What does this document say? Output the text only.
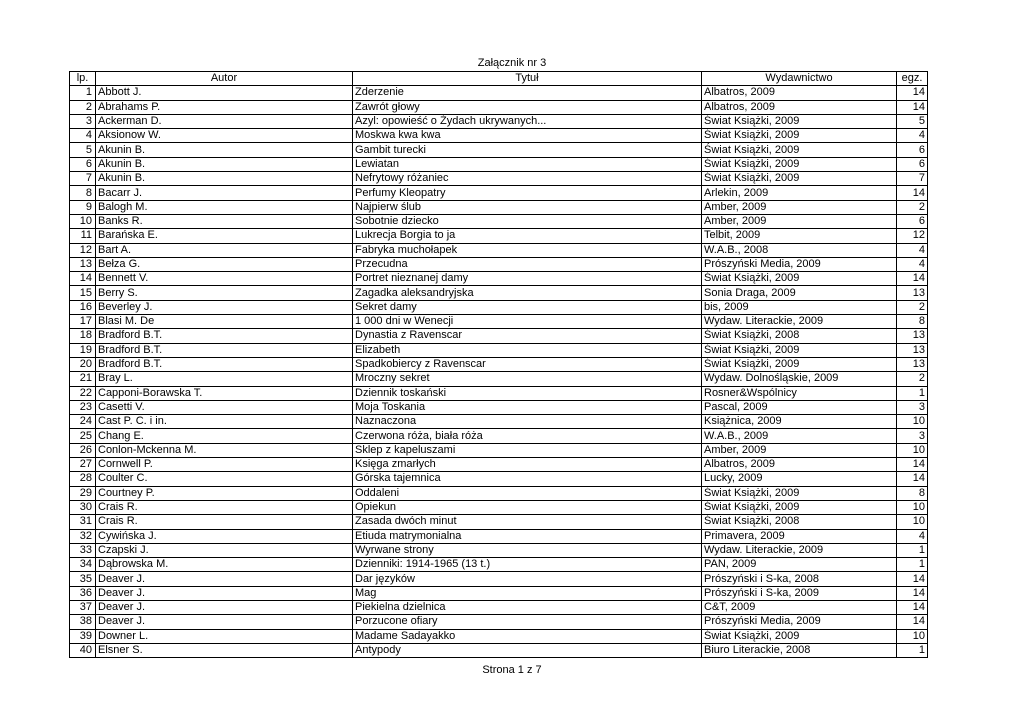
Załącznik nr 3
lp.	Autor	Tytuł	Wydawnictwo	egz.
1	Abbott J.	Zderzenie	Albatros, 2009	14
2	Abrahams P.	Zawrót głowy	Albatros, 2009	14
3	Ackerman D.	Azyl: opowieść o Żydach ukrywanych...	Świat Książki, 2009	5
4	Aksionow W.	Moskwa kwa kwa	Świat Książki, 2009	4
5	Akunin B.	Gambit turecki	Świat Książki, 2009	6
6	Akunin B.	Lewiatan	Świat Książki, 2009	6
7	Akunin B.	Nefrytowy różaniec	Świat Książki, 2009	7
8	Bacarr J.	Perfumy Kleopatry	Arlekin, 2009	14
9	Balogh M.	Najpierw ślub	Amber, 2009	2
10	Banks R.	Sobotnie dziecko	Amber, 2009	6
11	Barańska E.	Lukrecja Borgia to ja	Telbit, 2009	12
12	Bart A.	Fabryka muchołapek	W.A.B., 2008	4
13	Bełza G.	Przecudna	Prószyński Media, 2009	4
14	Bennett V.	Portret nieznanej damy	Świat Książki, 2009	14
15	Berry S.	Zagadka aleksandryjska	Sonia Draga, 2009	13
16	Beverley J.	Sekret damy	bis, 2009	2
17	Blasi M. De	1 000 dni w Wenecji	Wydaw. Literackie, 2009	8
18	Bradford B.T.	Dynastia z Ravenscar	Świat Książki, 2008	13
19	Bradford B.T.	Elizabeth	Świat Książki, 2009	13
20	Bradford B.T.	Spadkobiercy z Ravenscar	Świat Książki, 2009	13
21	Bray L.	Mroczny sekret	Wydaw. Dolnośląskie, 2009	2
22	Capponi-Borawska T.	Dziennik toskański	Rosner&Wspólnicy	1
23	Casetti V.	Moja Toskania	Pascal, 2009	3
24	Cast P. C. i in.	Naznaczona	Książnica, 2009	10
25	Chang E.	Czerwona róża, biała róża	W.A.B., 2009	3
26	Conlon-Mckenna M.	Sklep z kapeluszami	Amber, 2009	10
27	Cornwell P.	Księga zmarłych	Albatros, 2009	14
28	Coulter C.	Górska tajemnica	Lucky, 2009	14
29	Courtney P.	Oddaleni	Świat Książki, 2009	8
30	Crais R.	Opiekun	Świat Książki, 2009	10
31	Crais R.	Zasada dwóch minut	Świat Książki, 2008	10
32	Cywińska J.	Etiuda matrymonialna	Primavera, 2009	4
33	Czapski J.	Wyrwane strony	Wydaw. Literackie, 2009	1
34	Dąbrowska M.	Dzienniki: 1914-1965 (13 t.)	PAN, 2009	1
35	Deaver J.	Dar języków	Prószyński i S-ka, 2008	14
36	Deaver J.	Mag	Prószyński i S-ka, 2009	14
37	Deaver J.	Piekielna dzielnica	C&T, 2009	14
38	Deaver J.	Porzucone ofiary	Prószyński Media, 2009	14
39	Downer L.	Madame Sadayakko	Świat Książki, 2009	10
40	Elsner S.	Antypody	Biuro Literackie, 2008	1
Strona 1 z 7
